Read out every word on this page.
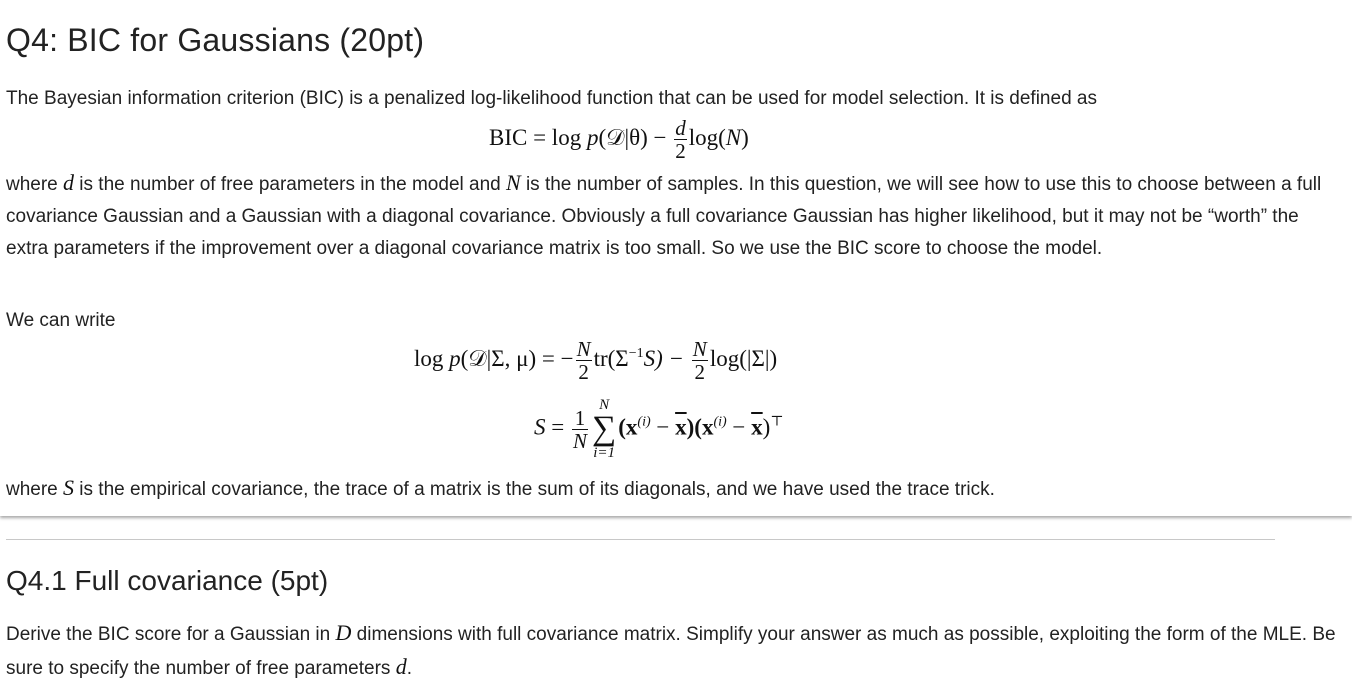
Q4: BIC for Gaussians (20pt)

The Bayesian information criterion (BIC) is a penalized log-likelihood function that can be used for model selection. It is defined as

BIC = log p(𝒟|θ) − $\frac{d}{2} \log(N)$

where d is the number of free parameters in the model and N is the number of samples. In this question, we will see how to use this to choose between a full covariance Gaussian and a Gaussian with a diagonal covariance. Obviously a full covariance Gaussian has higher likelihood, but it may not be “worth” the extra parameters if the improvement over a diagonal covariance matrix is too small. So we use the BIC score to choose the model.

We can write

log p(𝒟|Σ, μ) = − $\frac{N}{2} tr(\Sigma^{-1}S) - \frac{N}{2} \log(|\Sigma|)$
$S = \frac{1}{N}$
N
∑
i=1
$(x^{(i)} - \overline{x})(x^{(i)} - \overline{x})^⊤$

where S is the empirical covariance, the trace of a matrix is the sum of its diagonals, and we have used the trace trick.

Q4.1 Full covariance (5pt)

Derive the BIC score for a Gaussian in D dimensions with full covariance matrix. Simplify your answer as much as possible, exploiting the form of the MLE. Be sure to specify the number of free parameters d.
